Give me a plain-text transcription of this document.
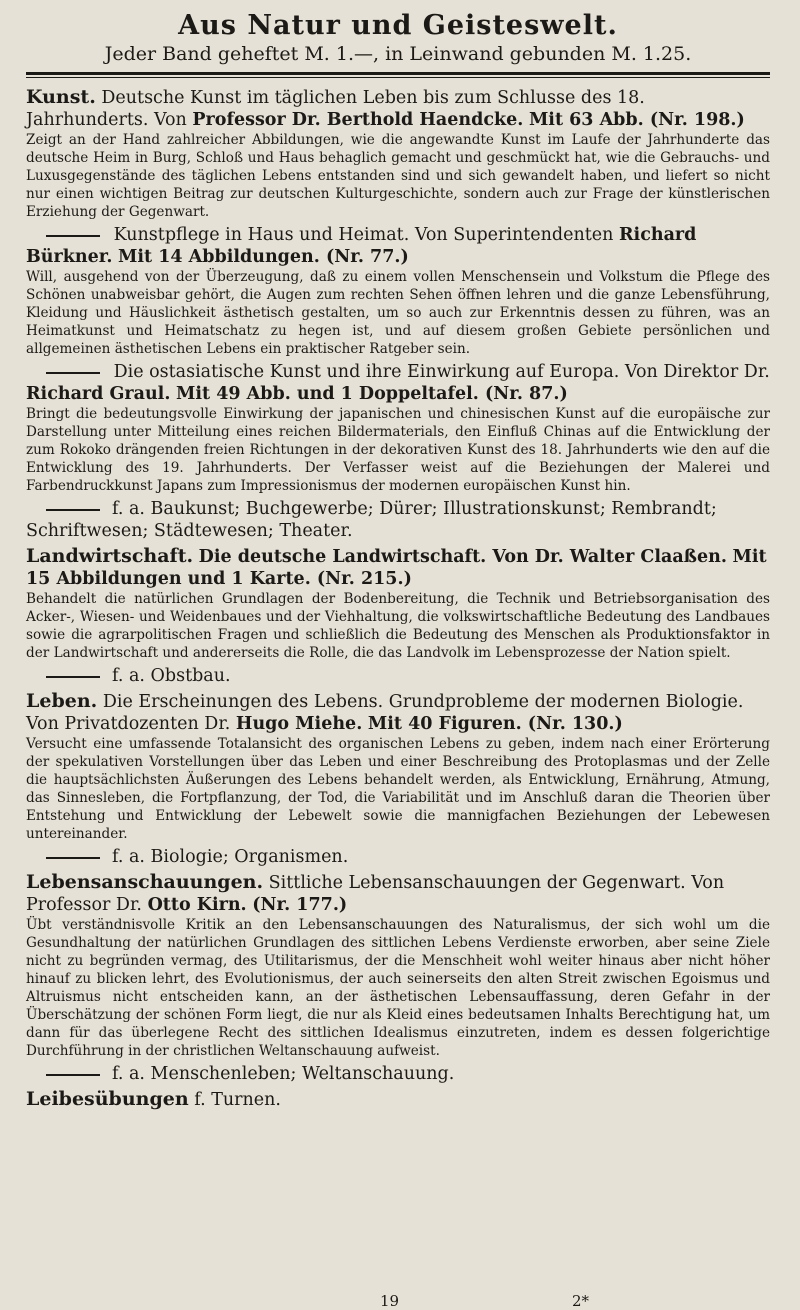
Aus Natur und Geisteswelt.
Jeder Band geheftet M. 1.—, in Leinwand gebunden M. 1.25.

Kunst. Deutsche Kunst im täglichen Leben bis zum Schlusse des 18. Jahrhunderts. Von Professor Dr. Berthold Haendcke. Mit 63 Abb. (Nr. 198.)

Zeigt an der Hand zahlreicher Abbildungen, wie die angewandte Kunst im Laufe der Jahrhunderte das deutsche Heim in Burg, Schloß und Haus behaglich gemacht und geschmückt hat, wie die Gebrauchs- und Luxusgegenstände des täglichen Lebens entstanden sind und sich gewandelt haben, und liefert so nicht nur einen wichtigen Beitrag zur deutschen Kulturgeschichte, sondern auch zur Frage der künstlerischen Erziehung der Gegenwart.

Kunstpflege in Haus und Heimat. Von Superintendenten Richard Bürkner. Mit 14 Abbildungen. (Nr. 77.)

Will, ausgehend von der Überzeugung, daß zu einem vollen Menschensein und Volkstum die Pflege des Schönen unabweisbar gehört, die Augen zum rechten Sehen öffnen lehren und die ganze Lebensführung, Kleidung und Häuslichkeit ästhetisch gestalten, um so auch zur Erkenntnis dessen zu führen, was an Heimatkunst und Heimatschatz zu hegen ist, und auf diesem großen Gebiete persönlichen und allgemeinen ästhetischen Lebens ein praktischer Ratgeber sein.

Die ostasiatische Kunst und ihre Einwirkung auf Europa. Von Direktor Dr. Richard Graul. Mit 49 Abb. und 1 Doppeltafel. (Nr. 87.)

Bringt die bedeutungsvolle Einwirkung der japanischen und chinesischen Kunst auf die europäische zur Darstellung unter Mitteilung eines reichen Bildermaterials, den Einfluß Chinas auf die Entwicklung der zum Rokoko drängenden freien Richtungen in der dekorativen Kunst des 18. Jahrhunderts wie den auf die Entwicklung des 19. Jahrhunderts. Der Verfasser weist auf die Beziehungen der Malerei und Farbendruckkunst Japans zum Impressionismus der modernen europäischen Kunst hin.

f. a. Baukunst; Buchgewerbe; Dürer; Illustrationskunst; Rembrandt; Schriftwesen; Städtewesen; Theater.

Landwirtschaft. Die deutsche Landwirtschaft. Von Dr. Walter Claaßen. Mit 15 Abbildungen und 1 Karte. (Nr. 215.)

Behandelt die natürlichen Grundlagen der Bodenbereitung, die Technik und Betriebsorganisation des Acker-, Wiesen- und Weidenbaues und der Viehhaltung, die volkswirtschaftliche Bedeutung des Landbaues sowie die agrarpolitischen Fragen und schließlich die Bedeutung des Menschen als Produktionsfaktor in der Landwirtschaft und andererseits die Rolle, die das Landvolk im Lebensprozesse der Nation spielt.

f. a. Obstbau.

Leben. Die Erscheinungen des Lebens. Grundprobleme der modernen Biologie. Von Privatdozenten Dr. Hugo Miehe. Mit 40 Figuren. (Nr. 130.)

Versucht eine umfassende Totalansicht des organischen Lebens zu geben, indem nach einer Erörterung der spekulativen Vorstellungen über das Leben und einer Beschreibung des Protoplasmas und der Zelle die hauptsächlichsten Äußerungen des Lebens behandelt werden, als Entwicklung, Ernährung, Atmung, das Sinnesleben, die Fortpflanzung, der Tod, die Variabilität und im Anschluß daran die Theorien über Entstehung und Entwicklung der Lebewelt sowie die mannigfachen Beziehungen der Lebewesen untereinander.

f. a. Biologie; Organismen.

Lebensanschauungen. Sittliche Lebensanschauungen der Gegenwart. Von Professor Dr. Otto Kirn. (Nr. 177.)

Übt verständnisvolle Kritik an den Lebensanschauungen des Naturalismus, der sich wohl um die Gesundhaltung der natürlichen Grundlagen des sittlichen Lebens Verdienste erworben, aber seine Ziele nicht zu begründen vermag, des Utilitarismus, der die Menschheit wohl weiter hinaus aber nicht höher hinauf zu blicken lehrt, des Evolutionismus, der auch seinerseits den alten Streit zwischen Egoismus und Altruismus nicht entscheiden kann, an der ästhetischen Lebensauffassung, deren Gefahr in der Überschätzung der schönen Form liegt, die nur als Kleid eines bedeutsamen Inhalts Berechtigung hat, um dann für das überlegene Recht des sittlichen Idealismus einzutreten, indem es dessen folgerichtige Durchführung in der christlichen Weltanschauung aufweist.

f. a. Menschenleben; Weltanschauung.

Leibesübungen f. Turnen.

19	2*
